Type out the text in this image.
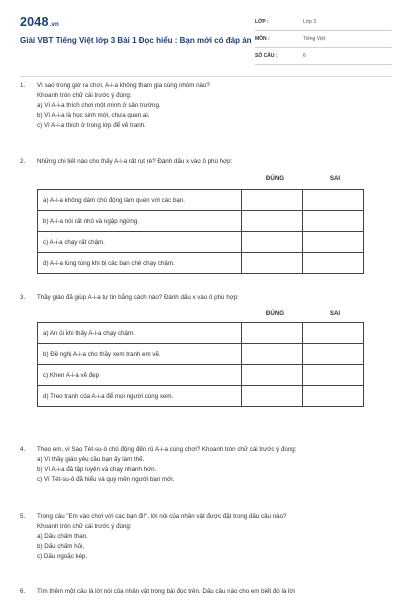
2048.vn
Giải VBT Tiếng Việt lớp 3 Bài 1 Đọc hiểu : Bạn mới có đáp án
LỚP :	Lớp 3
MÔN :	Tiếng Việt
SỐ CÂU :	6
1. Vì sao trong giờ ra chơi, A-i-a không tham gia cùng nhóm nào?
Khoanh tròn chữ cái trước ý đúng:
a) Vì A-i-a thích chơi một mình ở sân trường.
b) Vì A-i-a là học sinh mới, chưa quen ai.
c) Vì A-i-a thích ở trong lớp để vẽ tranh.
2. Những chi tiết nào cho thấy A-i-a rất rụt rè? Đánh dấu x vào ô phù hợp:
ĐÚNG	SAI
a) A-i-a không dám chủ động làm quen với các bạn.		
b) A-i-a nói rất nhỏ và ngập ngừng.		
c) A-i-a chạy rất chậm.		
d) A-i-a lúng túng khi bị các bạn chê chạy chậm.		
3. Thầy giáo đã giúp A-i-a tự tin bằng cách nào? Đánh dấu x vào ô phù hợp:
ĐÚNG	SAI
a) An ủi khi thấy A-i-a chạy chậm.		
b) Đề nghị A-i-a cho thầy xem tranh em vẽ.		
c) Khen A-i-a vẽ đẹp		
d) Treo tranh của A-i-a để mọi người cùng xem.		
4. Theo em, vì Sao Tét-su-ô chủ động đến rủ A-i-a cùng chơi? Khoanh tròn chữ cái trước ý đúng:
a) Vì thầy giáo yêu cầu bạn ấy làm thế.
b) Vì A-i-a đã tập luyện và chạy nhanh hơn.
c) Vì Tét-su-ô đã hiểu và quý mến người bạn mới.
5. Trong câu "Em vào chơi với các bạn đi!", lời nói của nhân vật được đặt trong dấu câu nào?
Khoanh tròn chữ cái trước ý đúng:
a) Dấu chấm than.
b) Dấu chấm hỏi,
c) Dấu ngoặc kép.
6. Tìm thêm một câu là lời nói của nhân vật trong bài đọc trên. Dấu câu nào cho em biết đó là lời
